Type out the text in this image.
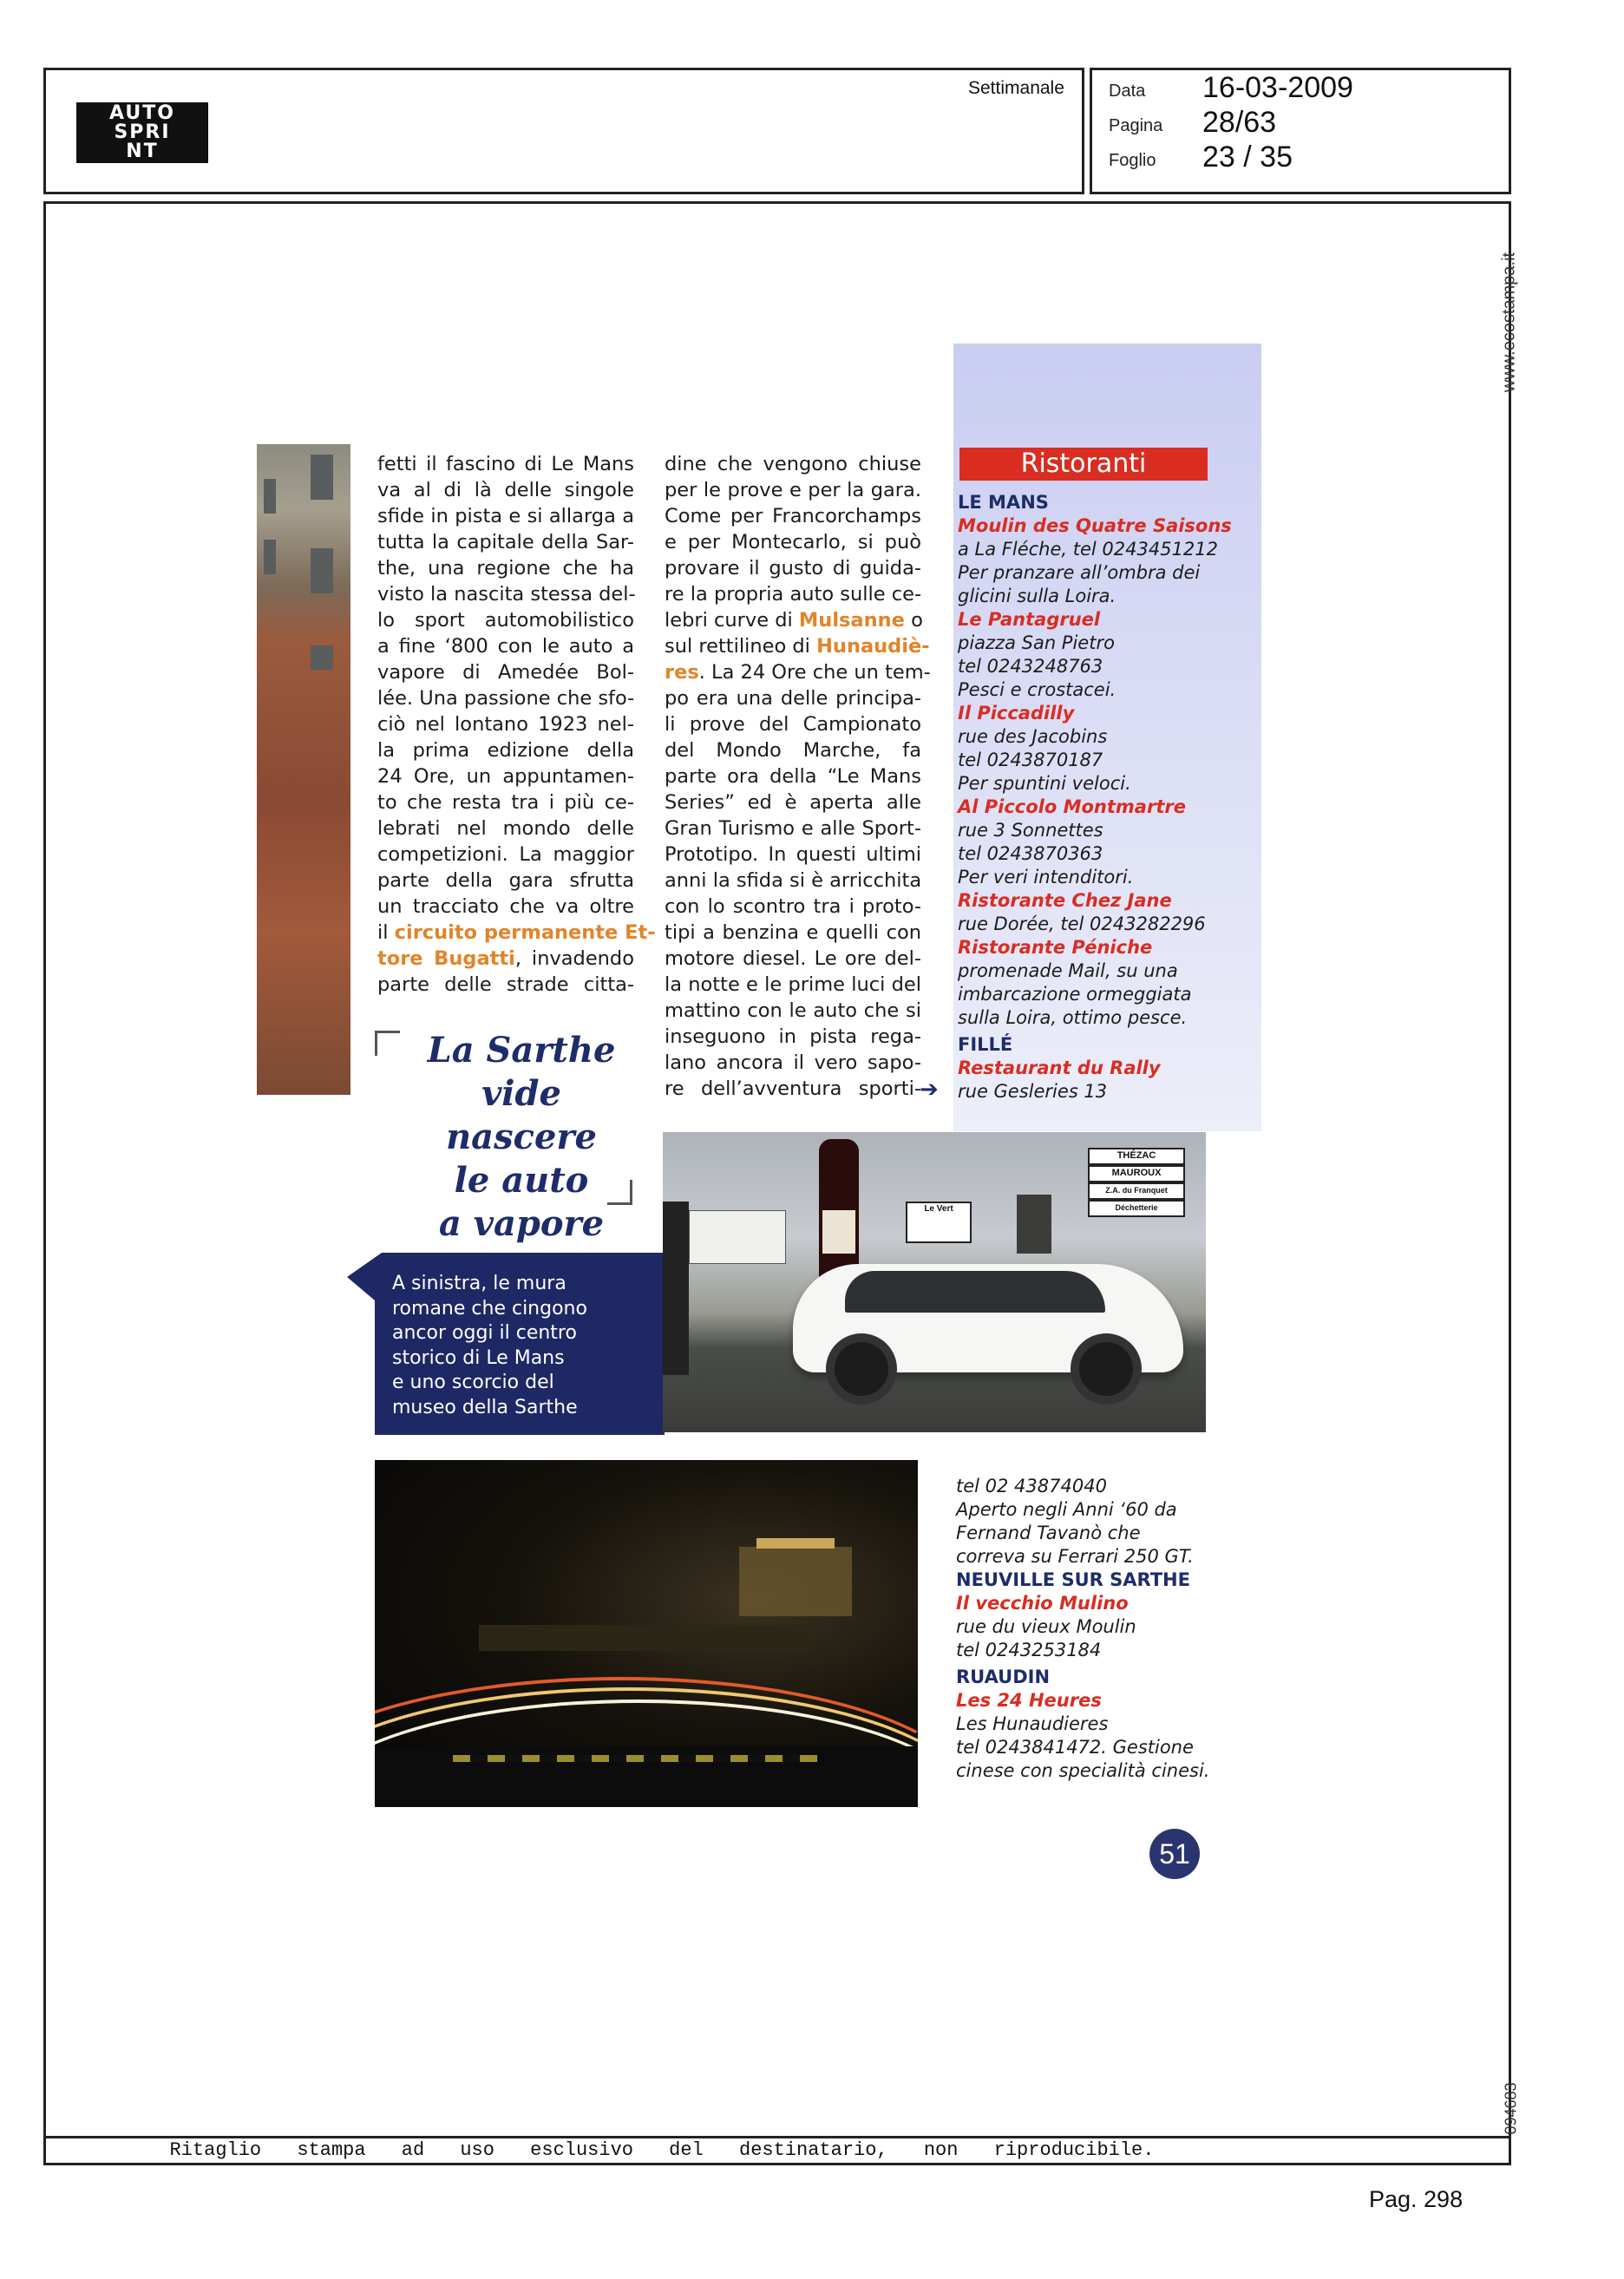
AUTO
SPRI
NT
Settimanale	Data 16-03-2009
Pagina 28/63
Foglio 23 / 35
www.ecostampa.it
094683
fetti il fascino di Le Mans
va al di là delle singole
sfide in pista e si allarga a
tutta la capitale della Sar-
the, una regione che ha
visto la nascita stessa del-
lo sport automobilistico
a fine ‘800 con le auto a
vapore di Amedée Bol-
lée. Una passione che sfo-
ciò nel lontano 1923 nel-
la prima edizione della
24 Ore, un appuntamen-
to che resta tra i più ce-
lebrati nel mondo delle
competizioni. La maggior
parte della gara sfrutta
un tracciato che va oltre
il circuito permanente Et-
tore Bugatti, invadendo
parte delle strade citta-
dine che vengono chiuse
per le prove e per la gara.
Come per Francorchamps
e per Montecarlo, si può
provare il gusto di guida-
re la propria auto sulle ce-
lebri curve di Mulsanne o
sul rettilineo di Hunaudiè-
res. La 24 Ore che un tem-
po era una delle principa-
li prove del Campionato
del Mondo Marche, fa
parte ora della “Le Mans
Series” ed è aperta alle
Gran Turismo e alle Sport-
Prototipo. In questi ultimi
anni la sfida si è arricchita
con lo scontro tra i proto-
tipi a benzina e quelli con
motore diesel. Le ore del-
la notte e le prime luci del
mattino con le auto che si
inseguono in pista rega-
lano ancora il vero sapo-
re dell’avventura sporti-
➔
La Sarthe
vide nascere
le auto
a vapore
A sinistra, le mura
romane che cingono
ancor oggi il centro
storico di Le Mans
e uno scorcio del
museo della Sarthe
Le Vert
THÉZAC
MAUROUX
Z.A. du Franquet
Déchetterie
Ristoranti
LE MANS
Moulin des Quatre Saisons
a La Fléche, tel 0243451212
Per pranzare all’ombra dei
glicini sulla Loira.
Le Pantagruel
piazza San Pietro
tel 0243248763
Pesci e crostacei.
Il Piccadilly
rue des Jacobins
tel 0243870187
Per spuntini veloci.
Al Piccolo Montmartre
rue 3 Sonnettes
tel 0243870363
Per veri intenditori.
Ristorante Chez Jane
rue Dorée, tel 0243282296
Ristorante Péniche
promenade Mail, su una
imbarcazione ormeggiata
sulla Loira, ottimo pesce.
FILLÉ
Restaurant du Rally
rue Gesleries 13
tel 02 43874040
Aperto negli Anni ‘60 da
Fernand Tavanò che
correva su Ferrari 250 GT.
NEUVILLE SUR SARTHE
Il vecchio Mulino
rue du vieux Moulin
tel 0243253184
RUAUDIN
Les 24 Heures
Les Hunaudieres
tel 0243841472. Gestione
cinese con specialità cinesi.
51
Ritaglio stampa ad uso esclusivo del destinatario, non riproducibile.
Pag. 298
